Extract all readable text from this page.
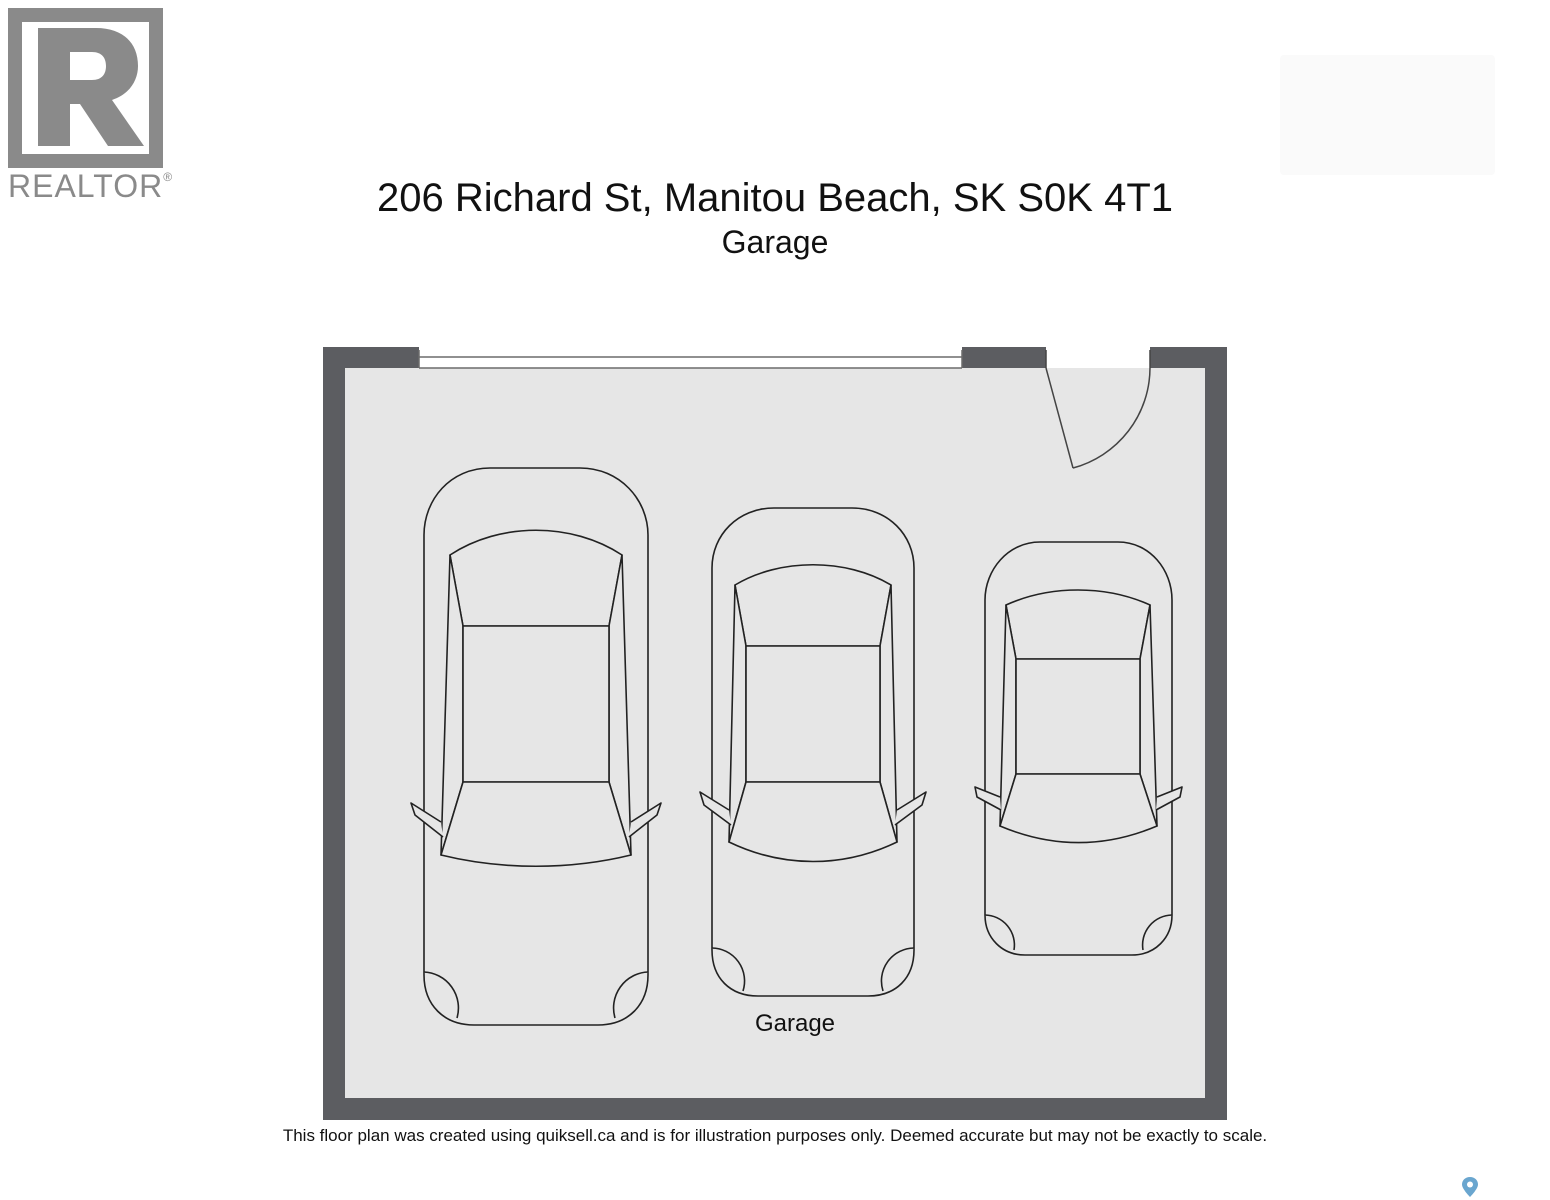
REALTOR®	206 Richard St, Manitou Beach, SK S0K 4T1
Garage
Garage
This floor plan was created using quiksell.ca and is for illustration purposes only. Deemed accurate but may not be exactly to scale.
